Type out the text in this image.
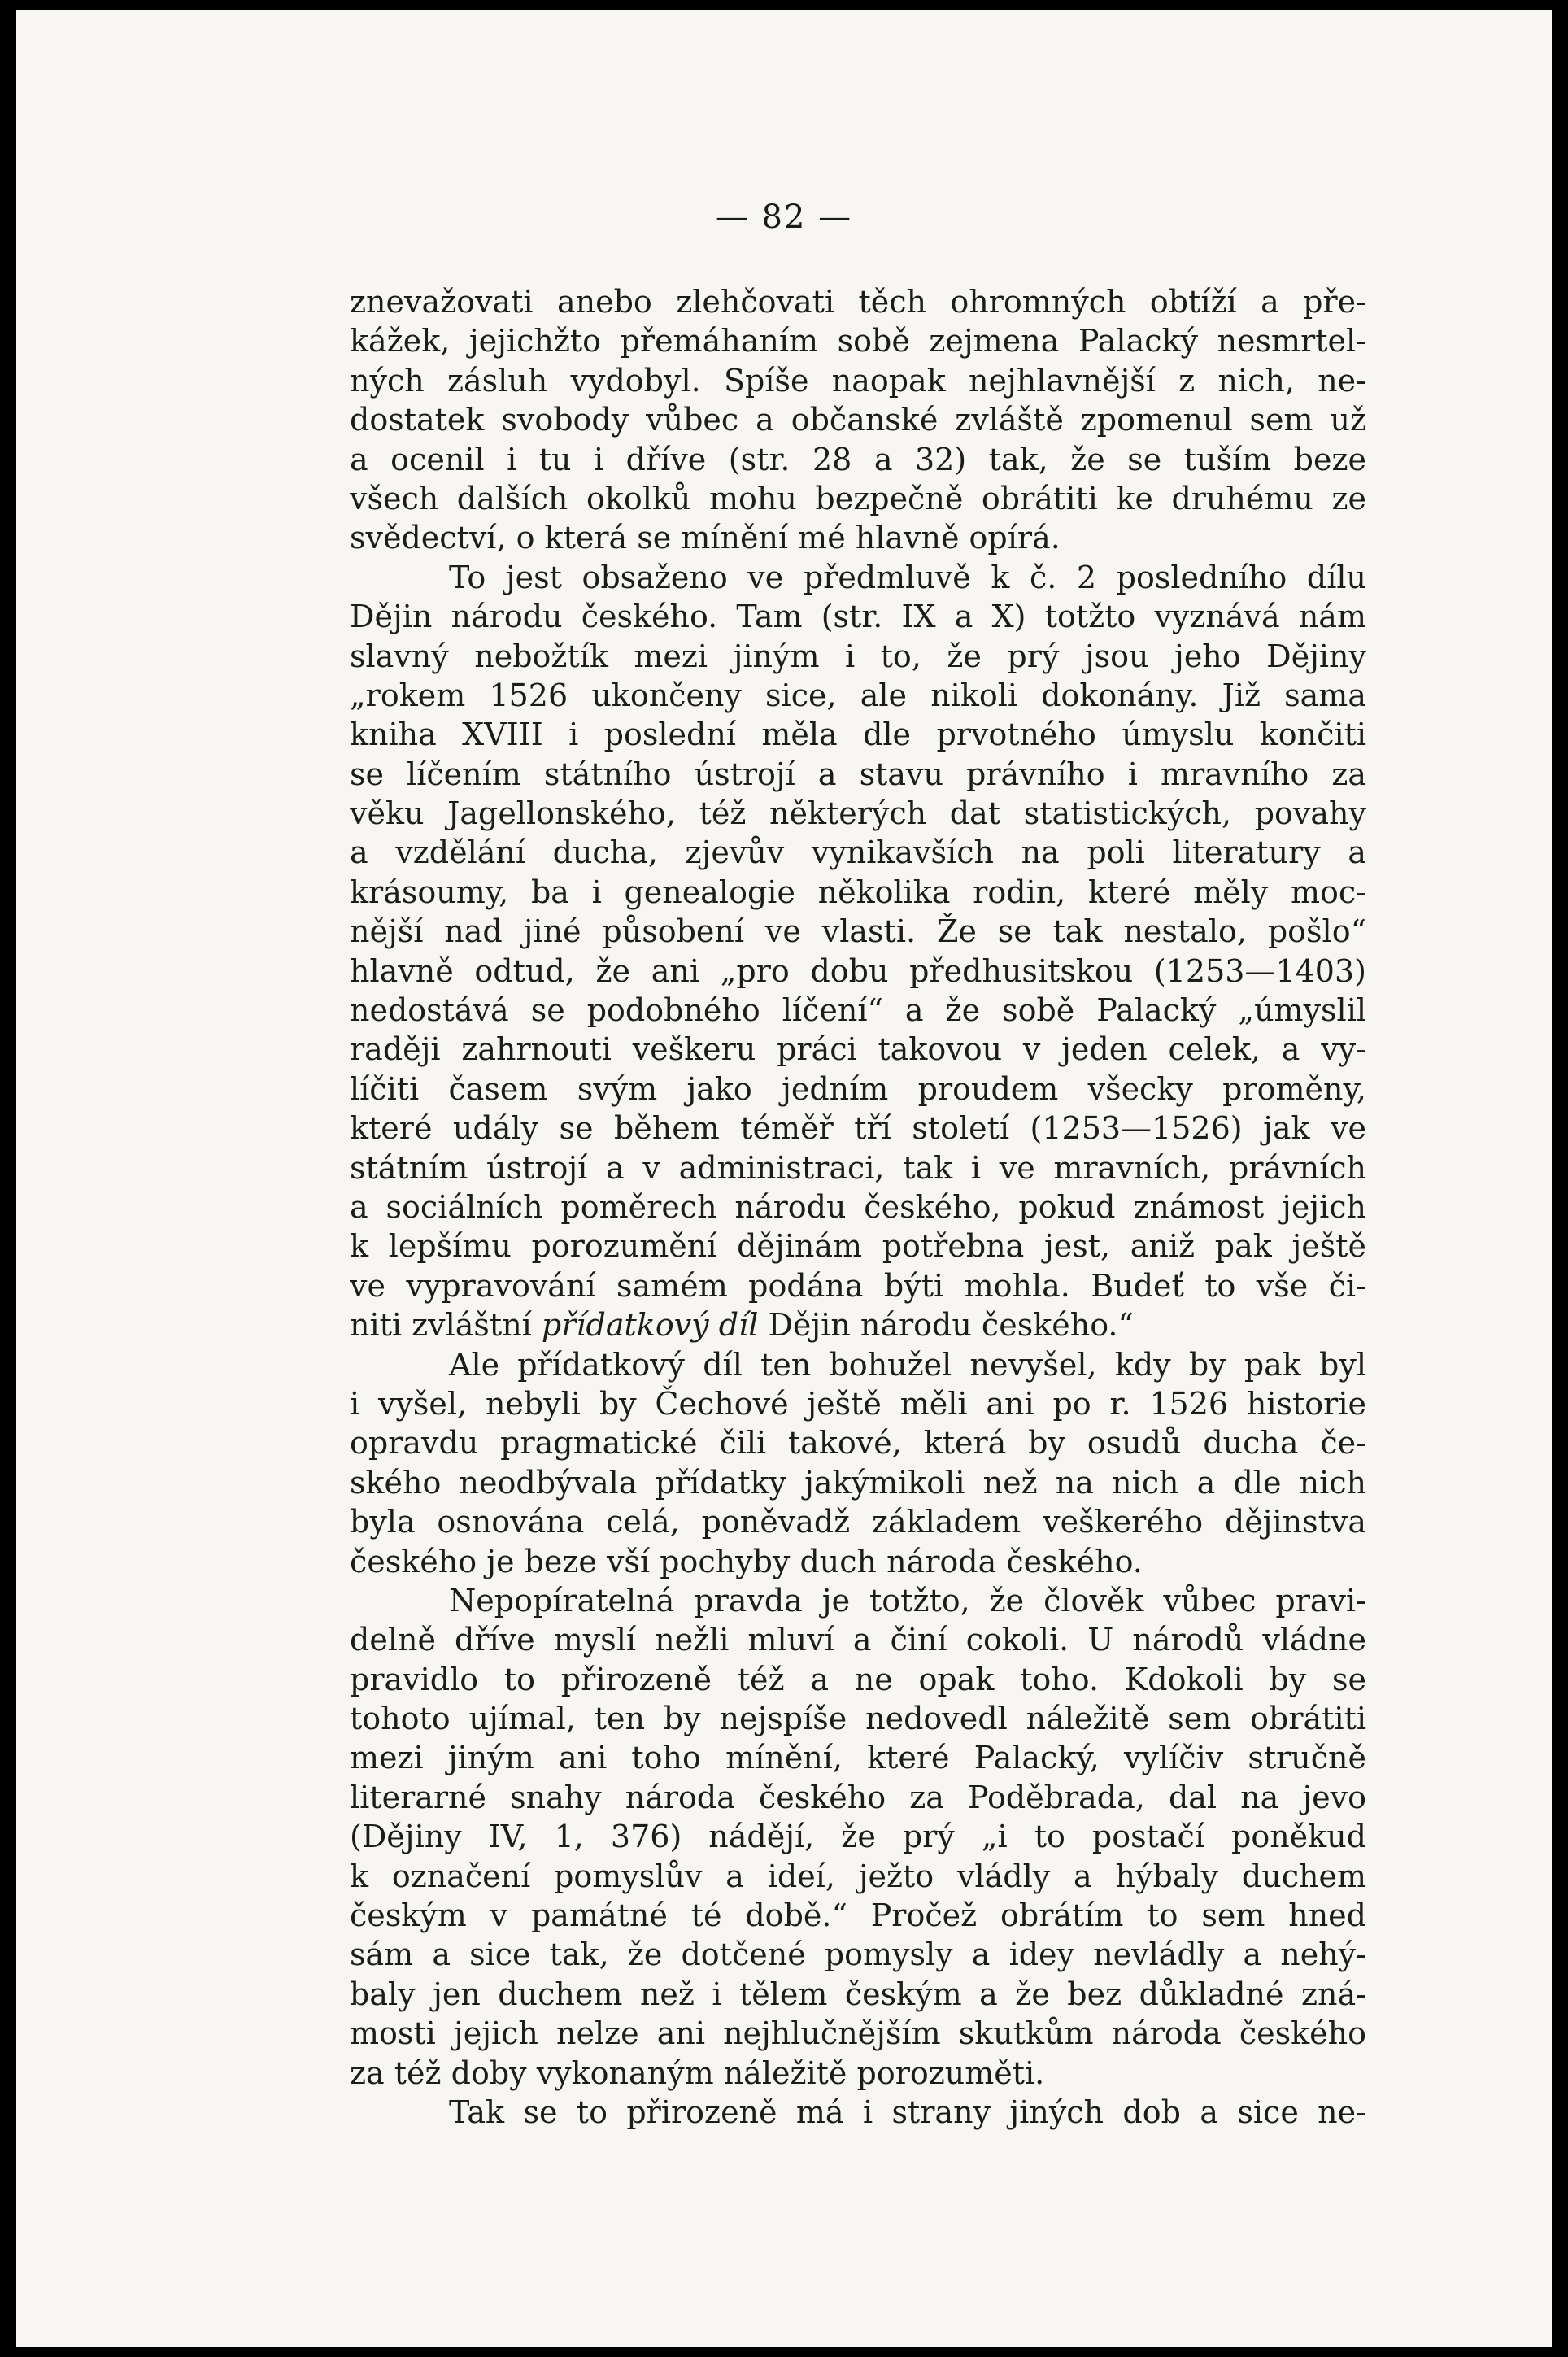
— 82 —
znevažovati anebo zlehčovati těch ohromných obtíží a pře-
kážek, jejichžto přemáhaním sobě zejmena Palacký nesmrtel-
ných zásluh vydobyl. Spíše naopak nejhlavnější z nich, ne-
dostatek svobody vůbec a občanské zvláště zpomenul sem už
a ocenil i tu i dříve (str. 28 a 32) tak, že se tuším beze
všech dalších okolků mohu bezpečně obrátiti ke druhému ze
svědectví, o která se mínění mé hlavně opírá.
To jest obsaženo ve předmluvě k č. 2 posledního dílu
Dějin národu českého. Tam (str. IX a X) totžto vyznává nám
slavný nebožtík mezi jiným i to, že prý jsou jeho Dějiny
„rokem 1526 ukončeny sice, ale nikoli dokonány. Již sama
kniha XVIII i poslední měla dle prvotného úmyslu končiti
se líčením státního ústrojí a stavu právního i mravního za
věku Jagellonského, též některých dat statistických, povahy
a vzdělání ducha, zjevův vynikavších na poli literatury a
krásoumy, ba i genealogie několika rodin, které měly moc-
nější nad jiné působení ve vlasti. Že se tak nestalo, pošlo“
hlavně odtud, že ani „pro dobu předhusitskou (1253—1403)
nedostává se podobného líčení“ a že sobě Palacký „úmyslil
raději zahrnouti veškeru práci takovou v jeden celek, a vy-
líčiti časem svým jako jedním proudem všecky proměny,
které udály se během téměř tří století (1253—1526) jak ve
státním ústrojí a v administraci, tak i ve mravních, právních
a sociálních poměrech národu českého, pokud známost jejich
k lepšímu porozumění dějinám potřebna jest, aniž pak ještě
ve vypravování samém podána býti mohla. Budeť to vše či-
niti zvláštní přídatkový díl Dějin národu českého.“
Ale přídatkový díl ten bohužel nevyšel, kdy by pak byl
i vyšel, nebyli by Čechové ještě měli ani po r. 1526 historie
opravdu pragmatické čili takové, která by osudů ducha če-
ského neodbývala přídatky jakýmikoli než na nich a dle nich
byla osnována celá, poněvadž základem veškerého dějinstva
českého je beze vší pochyby duch národa českého.
Nepopíratelná pravda je totžto, že člověk vůbec pravi-
delně dříve myslí nežli mluví a činí cokoli. U národů vládne
pravidlo to přirozeně též a ne opak toho. Kdokoli by se
tohoto ujímal, ten by nejspíše nedovedl náležitě sem obrátiti
mezi jiným ani toho mínění, které Palacký, vylíčiv stručně
literarné snahy národa českého za Poděbrada, dal na jevo
(Dějiny IV, 1, 376) nádějí, že prý „i to postačí poněkud
k označení pomyslův a ideí, ježto vládly a hýbaly duchem
českým v památné té době.“ Pročež obrátím to sem hned
sám a sice tak, že dotčené pomysly a idey nevládly a nehý-
baly jen duchem než i tělem českým a že bez důkladné zná-
mosti jejich nelze ani nejhlučnějším skutkům národa českého
za též doby vykonaným náležitě porozuměti.
Tak se to přirozeně má i strany jiných dob a sice ne-
